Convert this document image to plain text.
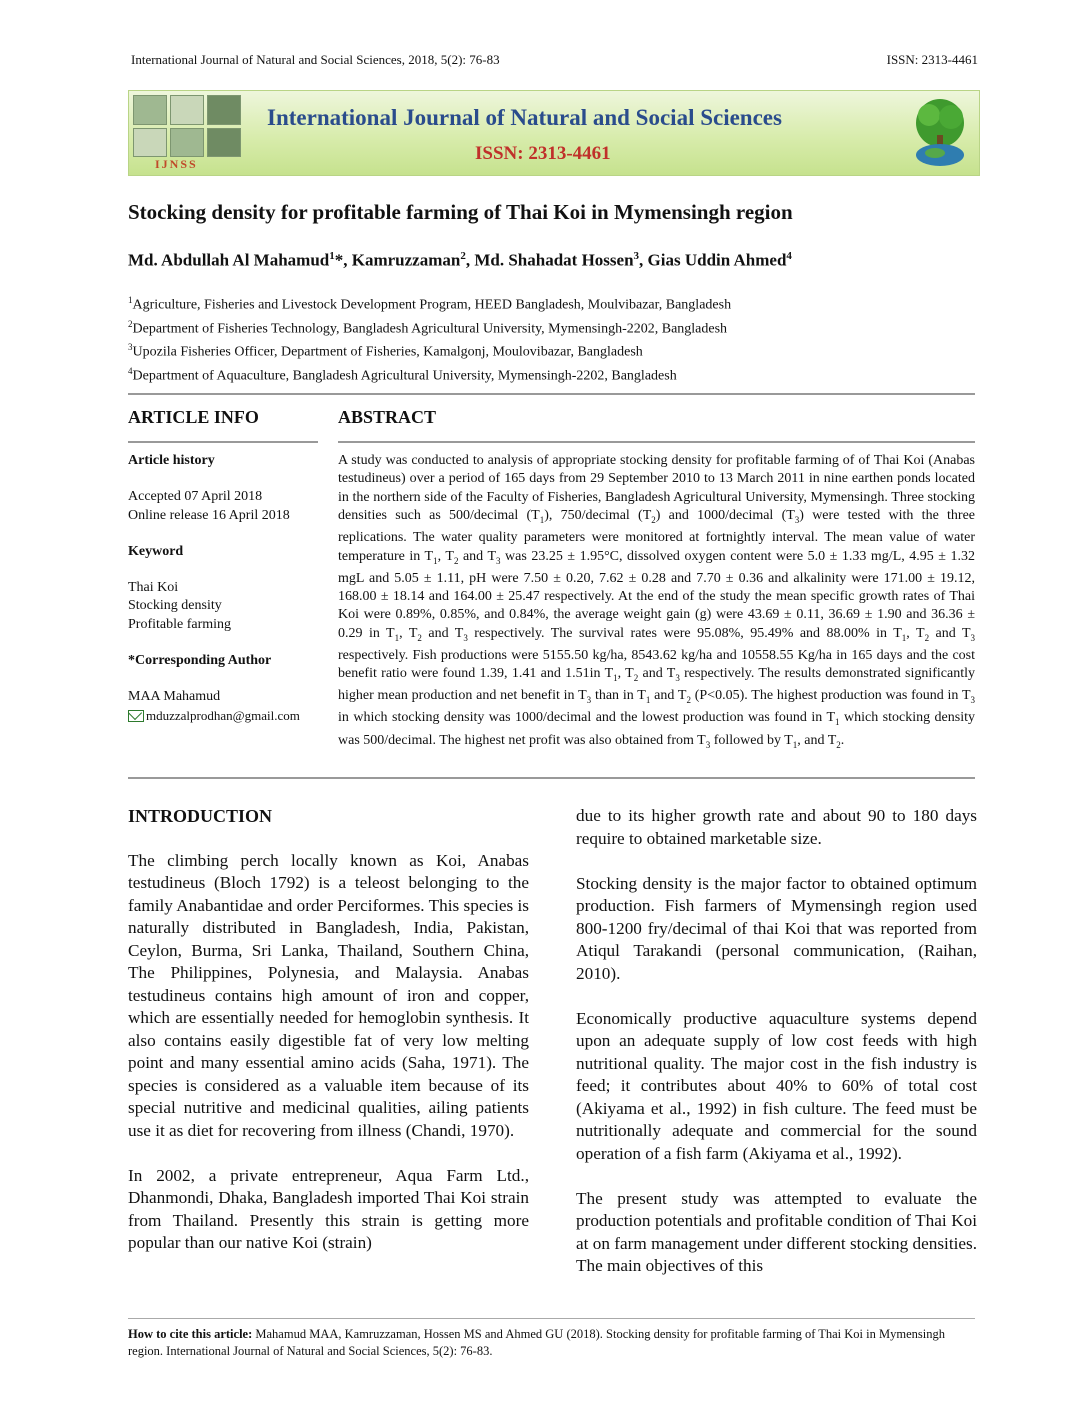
International Journal of Natural and Social Sciences, 2018, 5(2): 76-83	ISSN: 2313-4461
IJNSS
International Journal of Natural and Social Sciences
ISSN: 2313-4461
Stocking density for profitable farming of Thai Koi in Mymensingh region
Md. Abdullah Al Mahamud$^1$*, Kamruzzaman$^2$, Md. Shahadat Hossen$^3$, Gias Uddin Ahmed$^4$
$^1$Agriculture, Fisheries and Livestock Development Program, HEED Bangladesh, Moulvibazar, Bangladesh
$^2$Department of Fisheries Technology, Bangladesh Agricultural University, Mymensingh-2202, Bangladesh
$^3$Upozila Fisheries Officer, Department of Fisheries, Kamalgonj, Moulovibazar, Bangladesh
$^4$Department of Aquaculture, Bangladesh Agricultural University, Mymensingh-2202, Bangladesh
ARTICLE INFO	ABSTRACT
Article history
Accepted 07 April 2018
Online release 16 April 2018
Keyword
Thai Koi
Stocking density
Profitable farming
*Corresponding Author
MAA Mahamud
mduzzalprodhan@gmail.com
A study was conducted to analysis of appropriate stocking density for profitable farming of of Thai Koi (Anabas testudineus) over a period of 165 days from 29 September 2010 to 13 March 2011 in nine earthen ponds located in the northern side of the Faculty of Fisheries, Bangladesh Agricultural University, Mymensingh. Three stocking densities such as 500/decimal $(T_1)$, 750/decimal $(T_2)$ and 1000/decimal $(T_3)$ were tested with the three replications. The water quality parameters were monitored at fortnightly interval. The mean value of water temperature in $T_1$, $T_2$ and $T_3$ was 23.25 ± 1.95°C, dissolved oxygen content were 5.0 ± 1.33 mg/L, 4.95 ± 1.32 mgL and 5.05 ± 1.11, pH were 7.50 ± 0.20, 7.62 ± 0.28 and 7.70 ± 0.36 and alkalinity were 171.00 ± 19.12, 168.00 ± 18.14 and 164.00 ± 25.47 respectively. At the end of the study the mean specific growth rates of Thai Koi were 0.89%, 0.85%, and 0.84%, the average weight gain (g) were 43.69 ± 0.11, 36.69 ± 1.90 and 36.36 ± 0.29 in $T_1$, $T_2$ and $T_3$ respectively. The survival rates were 95.08%, 95.49% and 88.00% in $T_1$, $T_2$ and $T_3$ respectively. Fish productions were 5155.50 kg/ha, 8543.62 kg/ha and 10558.55 Kg/ha in 165 days and the cost benefit ratio were found 1.39, 1.41 and 1.51in $T_1$, $T_2$ and $T_3$ respectively. The results demonstrated significantly higher mean production and net benefit in $T_3$ than in $T_1$ and $T_2$ (P<0.05). The highest production was found in $T_3$ in which stocking density was 1000/decimal and the lowest production was found in $T_1$ which stocking density was 500/decimal. The highest net profit was also obtained from $T_3$ followed by $T_1$, and $T_2$.
INTRODUCTION

The climbing perch locally known as Koi, Anabas testudineus (Bloch 1792) is a teleost belonging to the family Anabantidae and order Perciformes. This species is naturally distributed in Bangladesh, India, Pakistan, Ceylon, Burma, Sri Lanka, Thailand, Southern China, The Philippines, Polynesia, and Malaysia. Anabas testudineus contains high amount of iron and copper, which are essentially needed for hemoglobin synthesis. It also contains easily digestible fat of very low melting point and many essential amino acids (Saha, 1971). The species is considered as a valuable item because of its special nutritive and medicinal qualities, ailing patients use it as diet for recovering from illness (Chandi, 1970).

In 2002, a private entrepreneur, Aqua Farm Ltd., Dhanmondi, Dhaka, Bangladesh imported Thai Koi strain from Thailand. Presently this strain is getting more popular than our native Koi (strain)

due to its higher growth rate and about 90 to 180 days require to obtained marketable size.

Stocking density is the major factor to obtained optimum production. Fish farmers of Mymensingh region used 800-1200 fry/decimal of thai Koi that was reported from Atiqul Tarakandi (personal communication, (Raihan, 2010).

Economically productive aquaculture systems depend upon an adequate supply of low cost feeds with high nutritional quality. The major cost in the fish industry is feed; it contributes about 40% to 60% of total cost (Akiyama et al., 1992) in fish culture. The feed must be nutritionally adequate and commercial for the sound operation of a fish farm (Akiyama et al., 1992).

The present study was attempted to evaluate the production potentials and profitable condition of Thai Koi at on farm management under different stocking densities. The main objectives of this

How to cite this article: Mahamud MAA, Kamruzzaman, Hossen MS and Ahmed GU (2018). Stocking density for profitable farming of Thai Koi in Mymensingh region. International Journal of Natural and Social Sciences, 5(2): 76-83.
